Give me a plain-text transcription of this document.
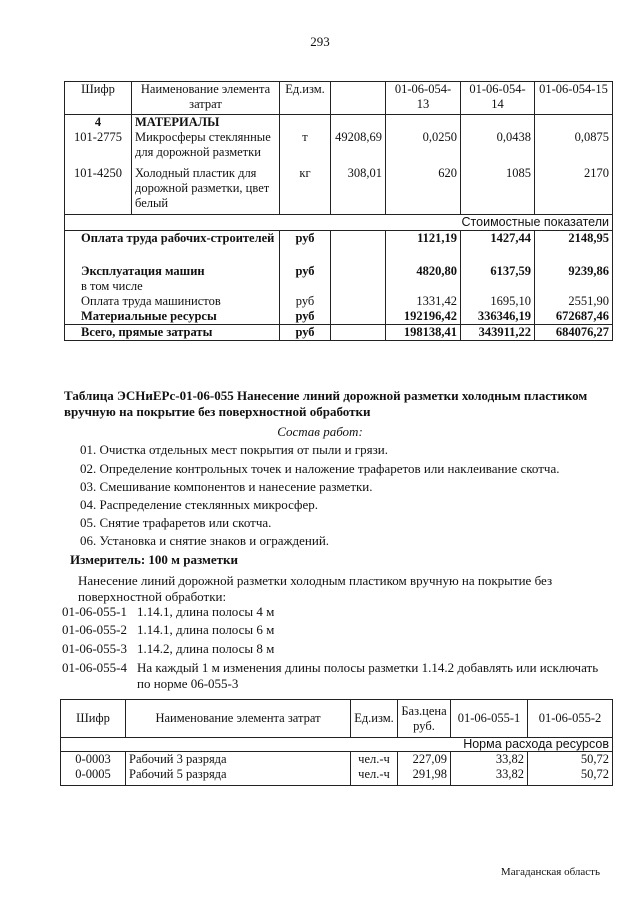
293
Шифр	Наименование элемента затрат	Ед.изм.		01-06-054-13	01-06-054-14	01-06-054-15
4	МАТЕРИАЛЫ					
101-2775	Микросферы стеклянные для дорожной разметки	т	49208,69	0,0250	0,0438	0,0875
101-4250	Холодный пластик для дорожной разметки, цвет белый	кг	308,01	620	1085	2170
Стоимостные показатели						
Оплата труда рабочих-строителей		руб		1121,19	1427,44	2148,95
Эксплуатация машин		руб		4820,80	6137,59	9239,86
в том числе						
Оплата труда машинистов		руб		1331,42	1695,10	2551,90
Материальные ресурсы		руб		192196,42	336346,19	672687,46
Всего, прямые затраты		руб		198138,41	343911,22	684076,27
Таблица ЭСНиЕРс-01-06-055 Нанесение линий дорожной разметки холодным пластиком вручную на покрытие без поверхностной обработки
Состав работ:
01. Очистка отдельных мест покрытия от пыли и грязи.
02. Определение контрольных точек и наложение трафаретов или наклеивание скотча.
03. Смешивание компонентов и нанесение разметки.
04. Распределение стеклянных микросфер.
05. Снятие трафаретов или скотча.
06. Установка и снятие знаков и ограждений.
Измеритель: 100 м разметки
Нанесение линий дорожной разметки холодным пластиком вручную на покрытие без поверхностной обработки:
01-06-055-1 1.14.1, длина полосы 4 м
01-06-055-2 1.14.1, длина полосы 6 м
01-06-055-3 1.14.2, длина полосы 8 м
01-06-055-4 На каждый 1 м изменения длины полосы разметки 1.14.2 добавлять или исключать по норме 06-055-3
Шифр	Наименование элемента затрат	Ед.изм.	Баз.цена руб.	01-06-055-1	01-06-055-2
Норма расхода ресурсов					
0-0003	Рабочий 3 разряда	чел.-ч	227,09	33,82	50,72
0-0005	Рабочий 5 разряда	чел.-ч	291,98	33,82	50,72
Магаданская область
